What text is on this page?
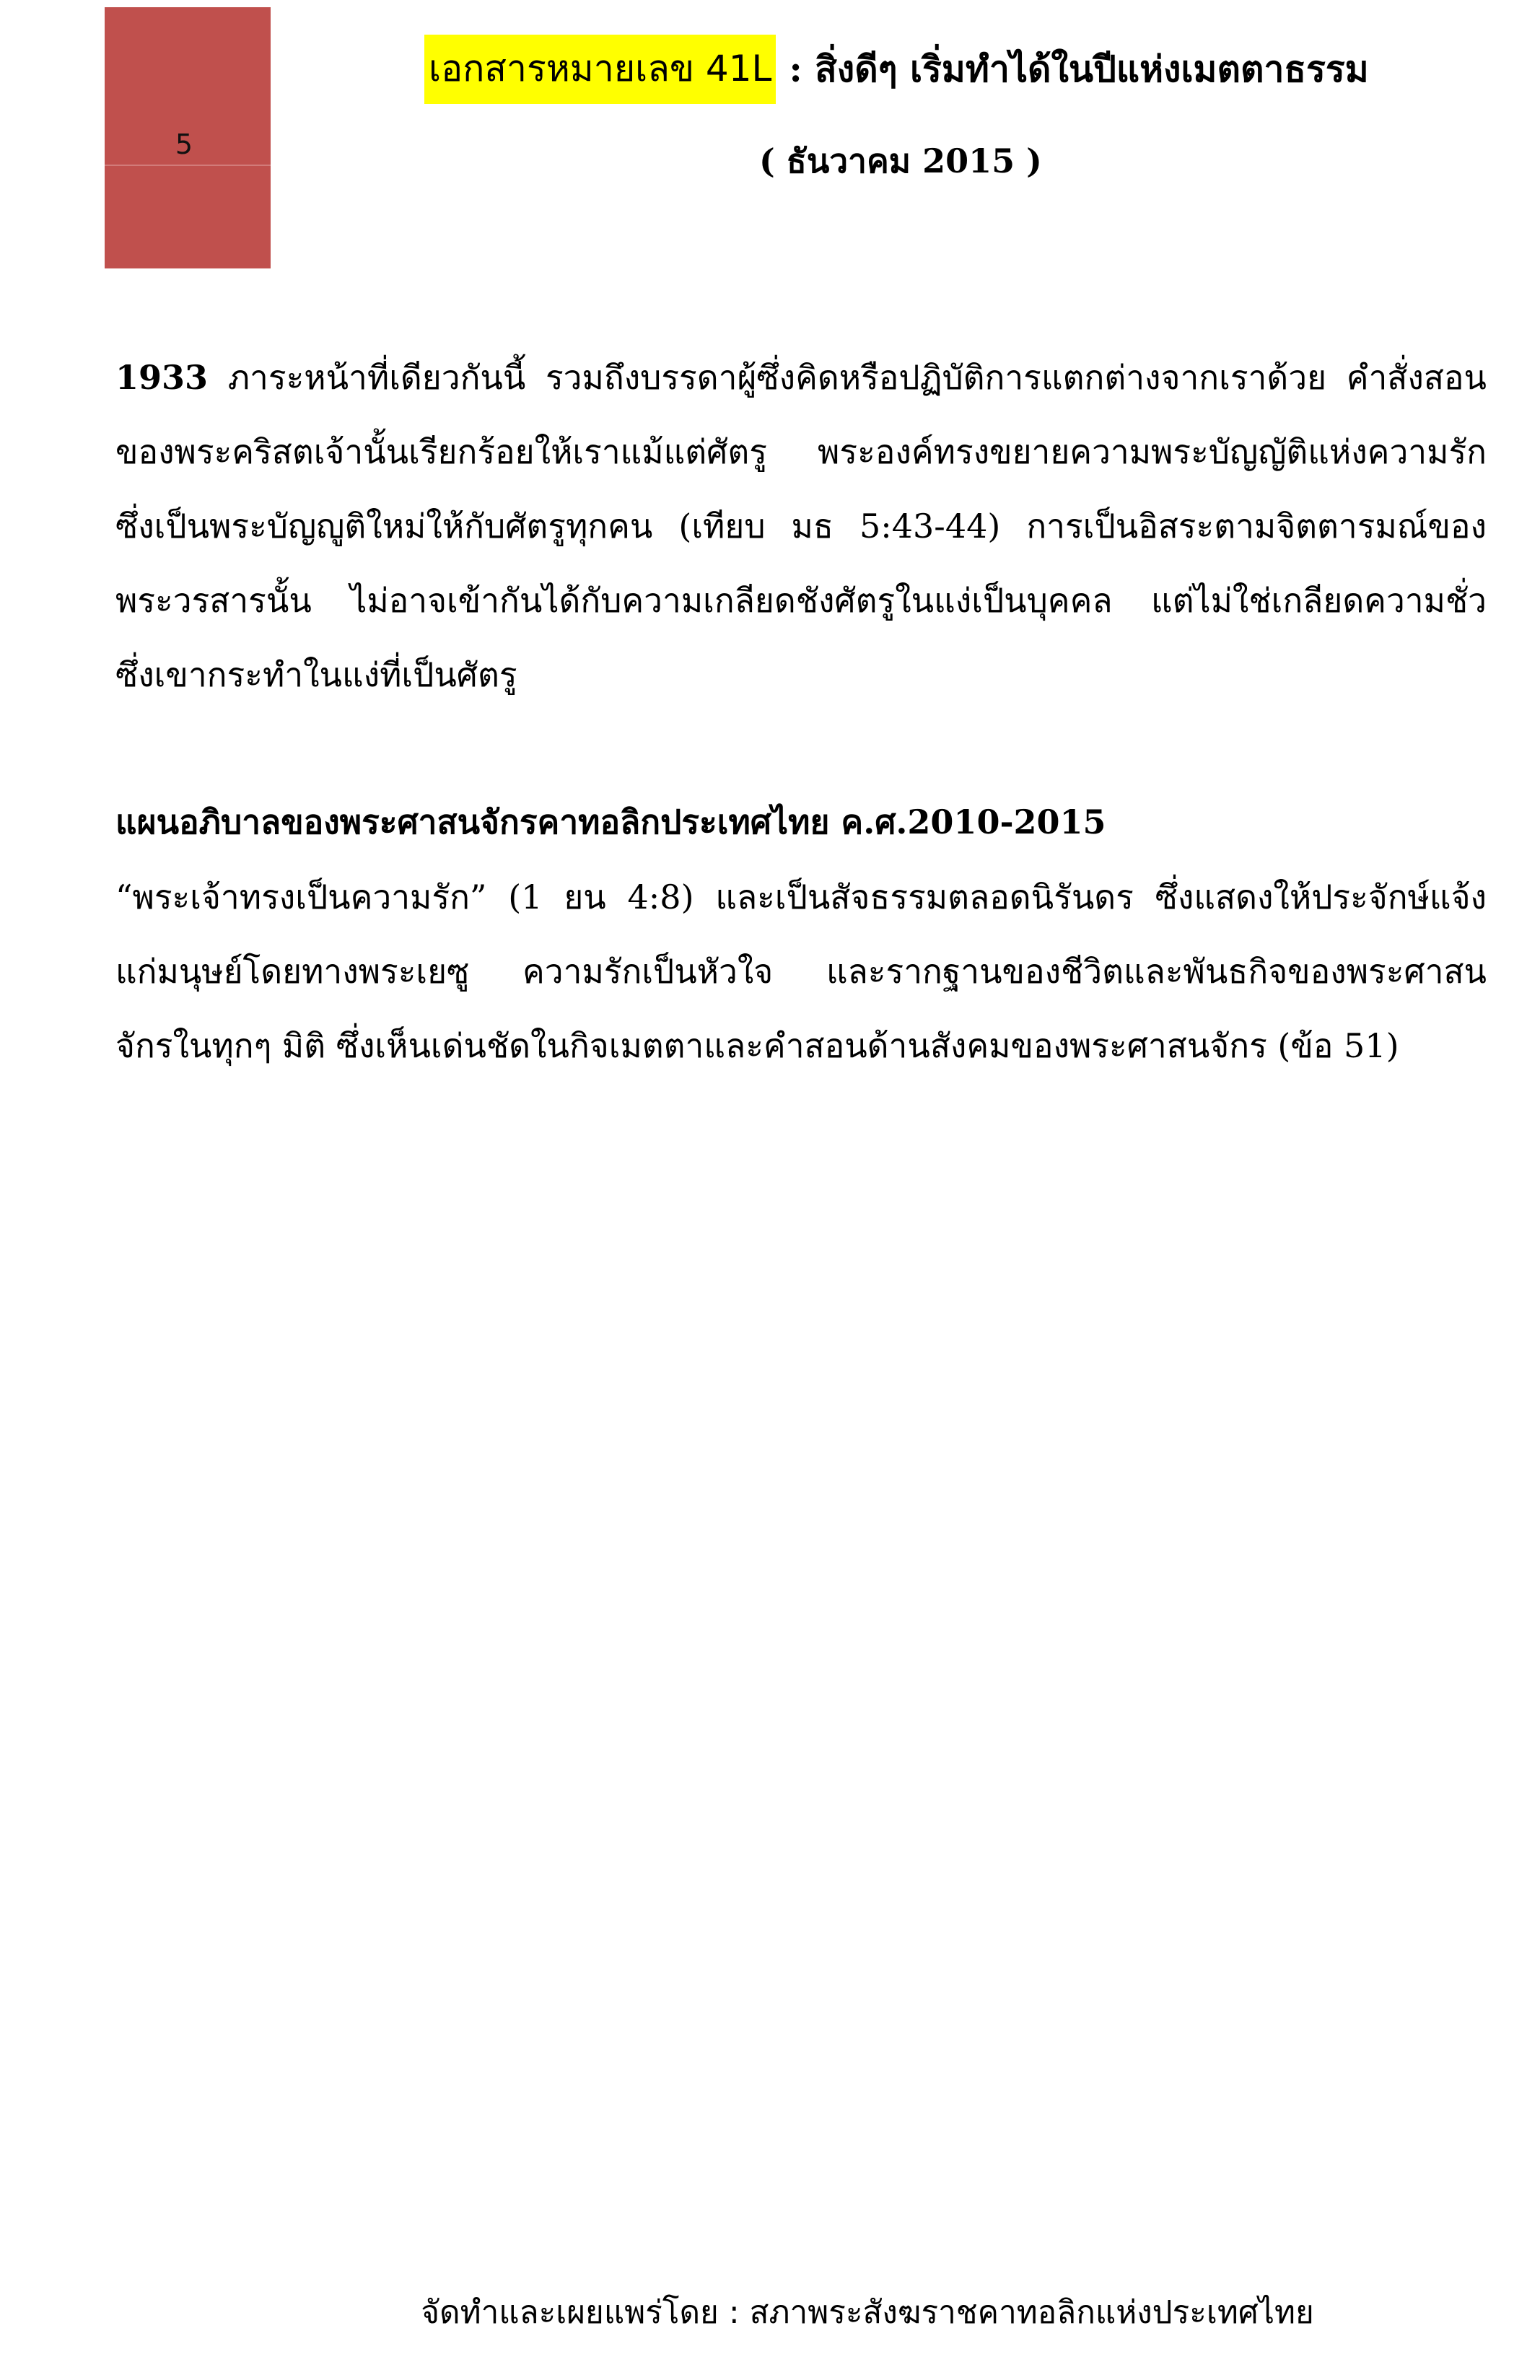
5
เอกสารหมายเลข 41L : สิ่งดีๆ เริ่มทำได้ในปีแห่งเมตตาธรรม
( ธันวาคม 2015 )
1933 ภาระหน้าที่เดียวกันนี้ รวมถึงบรรดาผู้ซึ่งคิดหรือปฏิบัติการแตกต่างจากเราด้วย คำสั่งสอน
ของพระคริสตเจ้านั้นเรียกร้อยให้เราแม้แต่ศัตรู พระองค์ทรงขยายความพระบัญญัติแห่งความรัก
ซึ่งเป็นพระบัญญูติใหม่ให้กับศัตรูทุกคน (เทียบ มธ 5:43-44) การเป็นอิสระตามจิตตารมณ์ของ
พระวรสารนั้น ไม่อาจเข้ากันได้กับความเกลียดชังศัตรูในแง่เป็นบุคคล แต่ไม่ใช่เกลียดความชั่ว
ซึ่งเขากระทำในแง่ที่เป็นศัตรู
แผนอภิบาลของพระศาสนจักรคาทอลิกประเทศไทย ค.ศ.2010-2015
“พระเจ้าทรงเป็นความรัก” (1 ยน 4:8) และเป็นสัจธรรมตลอดนิรันดร ซึ่งแสดงให้ประจักษ์แจ้ง
แก่มนุษย์โดยทางพระเยซู ความรักเป็นหัวใจ และรากฐานของชีวิตและพันธกิจของพระศาสน
จักรในทุกๆ มิติ ซึ่งเห็นเด่นชัดในกิจเมตตาและคำสอนด้านสังคมของพระศาสนจักร (ข้อ 51)
จัดทำและเผยแพร่โดย : สภาพระสังฆราชคาทอลิกแห่งประเทศไทย
